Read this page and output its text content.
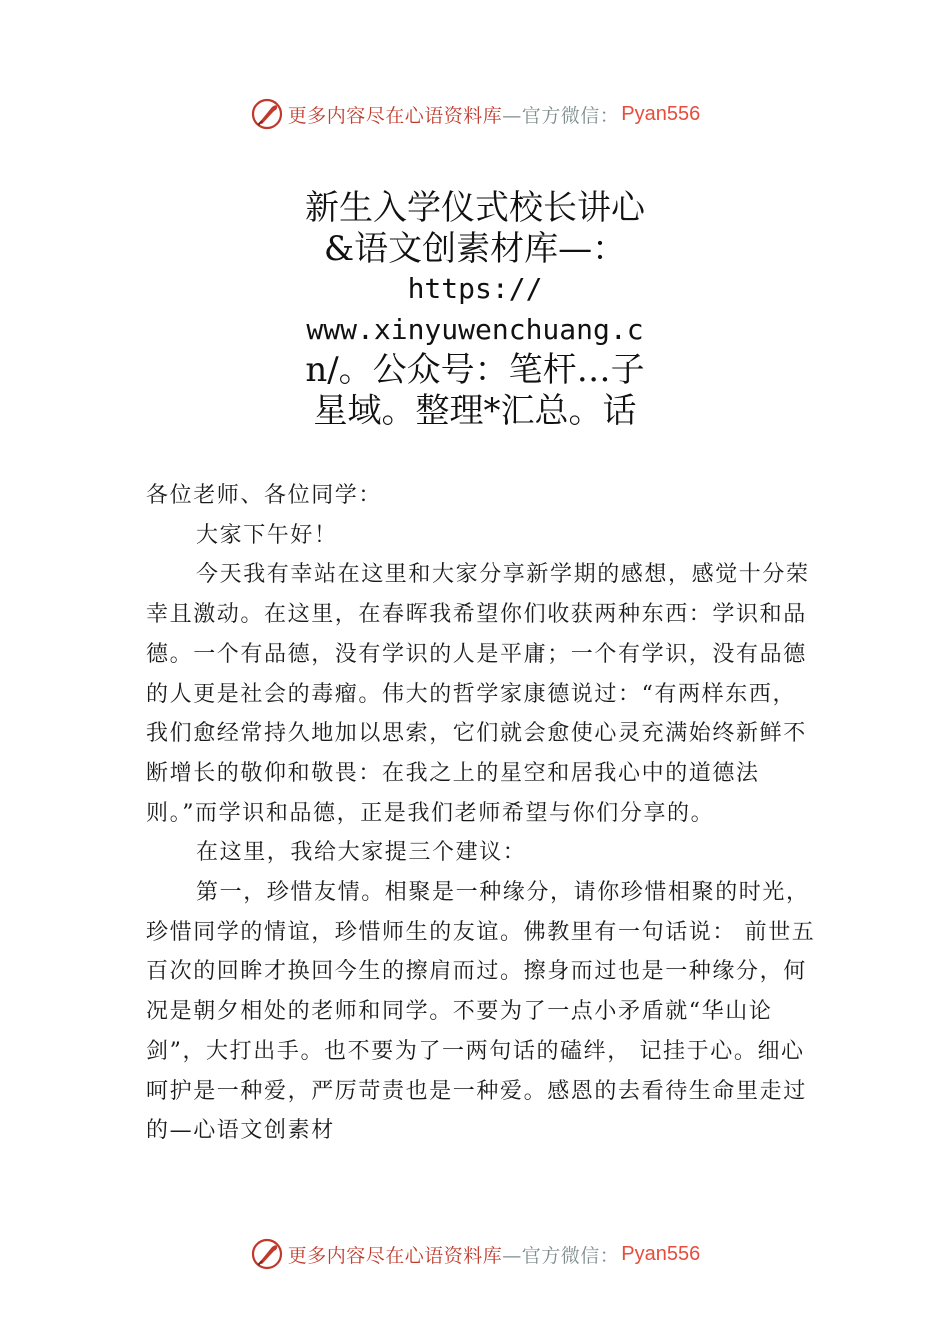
更多内容尽在心语资料库 —官方微信： Pyan556
新生入学仪式校长讲心
&语文创素材库—：
https://
www.xinyuwenchuang.c
n/。公众号：笔杆…子
星域。整理*汇总。话

各位老师、各位同学：

大家下午好！

今天我有幸站在这里和大家分享新学期的感想，感觉十分荣幸且激动。在这里，在春晖我希望你们收获两种东西：学识和品德。一个有品德，没有学识的人是平庸；一个有学识，没有品德的人更是社会的毒瘤。伟大的哲学家康德说过：“有两样东西，我们愈经常持久地加以思索，它们就会愈使心灵充满始终新鲜不断增长的敬仰和敬畏：在我之上的星空和居我心中的道德法则。”而学识和品德，正是我们老师希望与你们分享的。

在这里，我给大家提三个建议：

第一，珍惜友情。相聚是一种缘分，请你珍惜相聚的时光，珍惜同学的情谊，珍惜师生的友谊。佛教里有一句话说： 前世五百次的回眸才换回今生的擦肩而过。擦身而过也是一种缘分，何况是朝夕相处的老师和同学。不要为了一点小矛盾就“华山论剑”，大打出手。也不要为了一两句话的磕绊， 记挂于心。细心呵护是一种爱，严厉苛责也是一种爱。感恩的去看待生命里走过的—心语文创素材

更多内容尽在心语资料库 —官方微信： Pyan556
